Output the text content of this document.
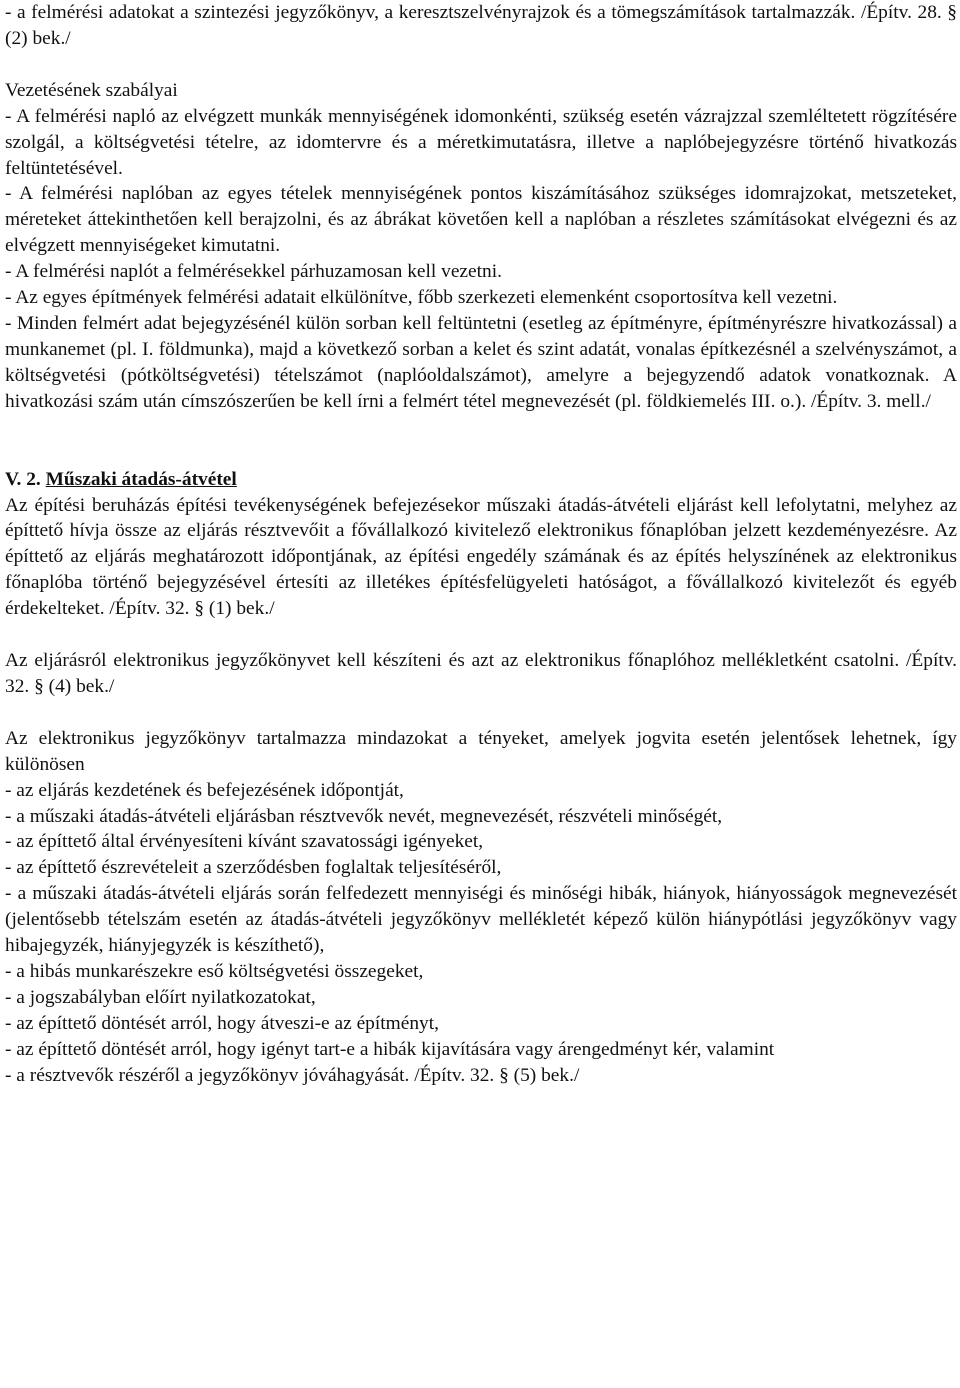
- a felmérési adatokat a szintezési jegyzőkönyv, a keresztszelvényrajzok és a tömegszámítások tartalmazzák. /Építv. 28. § (2) bek./

Vezetésének szabályai

- A felmérési napló az elvégzett munkák mennyiségének idomonkénti, szükség esetén vázrajzzal szemléltetett rögzítésére szolgál, a költségvetési tételre, az idomtervre és a méretkimutatásra, illetve a naplóbejegyzésre történő hivatkozás feltüntetésével.

- A felmérési naplóban az egyes tételek mennyiségének pontos kiszámításához szükséges idomrajzokat, metszeteket, méreteket áttekinthetően kell berajzolni, és az ábrákat követően kell a naplóban a részletes számításokat elvégezni és az elvégzett mennyiségeket kimutatni.

- A felmérési naplót a felmérésekkel párhuzamosan kell vezetni.

- Az egyes építmények felmérési adatait elkülönítve, főbb szerkezeti elemenként csoportosítva kell vezetni.

- Minden felmért adat bejegyzésénél külön sorban kell feltüntetni (esetleg az építményre, építményrészre hivatkozással) a munkanemet (pl. I. földmunka), majd a következő sorban a kelet és szint adatát, vonalas építkezésnél a szelvényszámot, a költségvetési (pótköltségvetési) tételszámot (naplóoldalszámot), amelyre a bejegyzendő adatok vonatkoznak. A hivatkozási szám után címszószerűen be kell írni a felmért tétel megnevezését (pl. földkiemelés III. o.). /Építv. 3. mell./

V. 2. Műszaki átadás-átvétel

Az építési beruházás építési tevékenységének befejezésekor műszaki átadás-átvételi eljárást kell lefolytatni, melyhez az építtető hívja össze az eljárás résztvevőit a fővállalkozó kivitelező elektronikus főnaplóban jelzett kezdeményezésre. Az építtető az eljárás meghatározott időpontjának, az építési engedély számának és az építés helyszínének az elektronikus főnaplóba történő bejegyzésével értesíti az illetékes építésfelügyeleti hatóságot, a fővállalkozó kivitelezőt és egyéb érdekelteket. /Építv. 32. § (1) bek./

Az eljárásról elektronikus jegyzőkönyvet kell készíteni és azt az elektronikus főnaplóhoz mellékletként csatolni. /Építv. 32. § (4) bek./

Az elektronikus jegyzőkönyv tartalmazza mindazokat a tényeket, amelyek jogvita esetén jelentősek lehetnek, így különösen

- az eljárás kezdetének és befejezésének időpontját,

- a műszaki átadás-átvételi eljárásban résztvevők nevét, megnevezését, részvételi minőségét,

- az építtető által érvényesíteni kívánt szavatossági igényeket,

- az építtető észrevételeit a szerződésben foglaltak teljesítéséről,

- a műszaki átadás-átvételi eljárás során felfedezett mennyiségi és minőségi hibák, hiányok, hiányosságok megnevezését (jelentősebb tételszám esetén az átadás-átvételi jegyzőkönyv mellékletét képező külön hiánypótlási jegyzőkönyv vagy hibajegyzék, hiányjegyzék is készíthető),

- a hibás munkarészekre eső költségvetési összegeket,

- a jogszabályban előírt nyilatkozatokat,

- az építtető döntését arról, hogy átveszi-e az építményt,

- az építtető döntését arról, hogy igényt tart-e a hibák kijavítására vagy árengedményt kér, valamint

- a résztvevők részéről a jegyzőkönyv jóváhagyását. /Építv. 32. § (5) bek./
